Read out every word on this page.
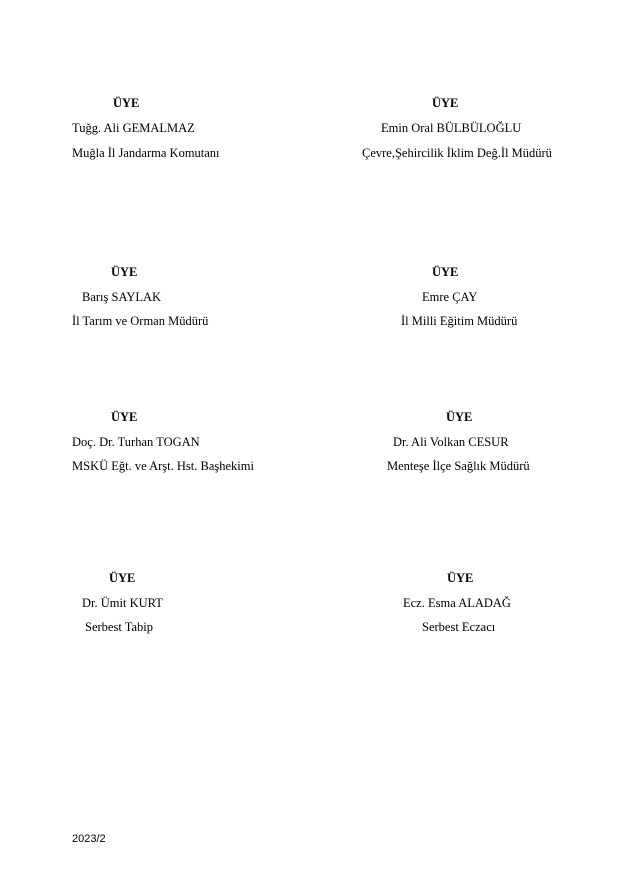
ÜYE
Tuğg. Ali GEMALMAZ
Muğla İl Jandarma Komutanı
ÜYE
Emin Oral BÜLBÜLOĞLU
Çevre,Şehircilik İklim Değ.İl Müdürü
ÜYE
Barış SAYLAK
İl Tarım ve Orman Müdürü
ÜYE
Emre ÇAY
İl Milli Eğitim Müdürü
ÜYE
Doç. Dr. Turhan TOGAN
MSKÜ Eğt. ve Arşt. Hst. Başhekimi
ÜYE
Dr. Ali Volkan CESUR
Menteşe İlçe Sağlık Müdürü
ÜYE
Dr. Ümit KURT
Serbest Tabip
ÜYE
Ecz. Esma ALADAĞ
Serbest Eczacı
2023/2
